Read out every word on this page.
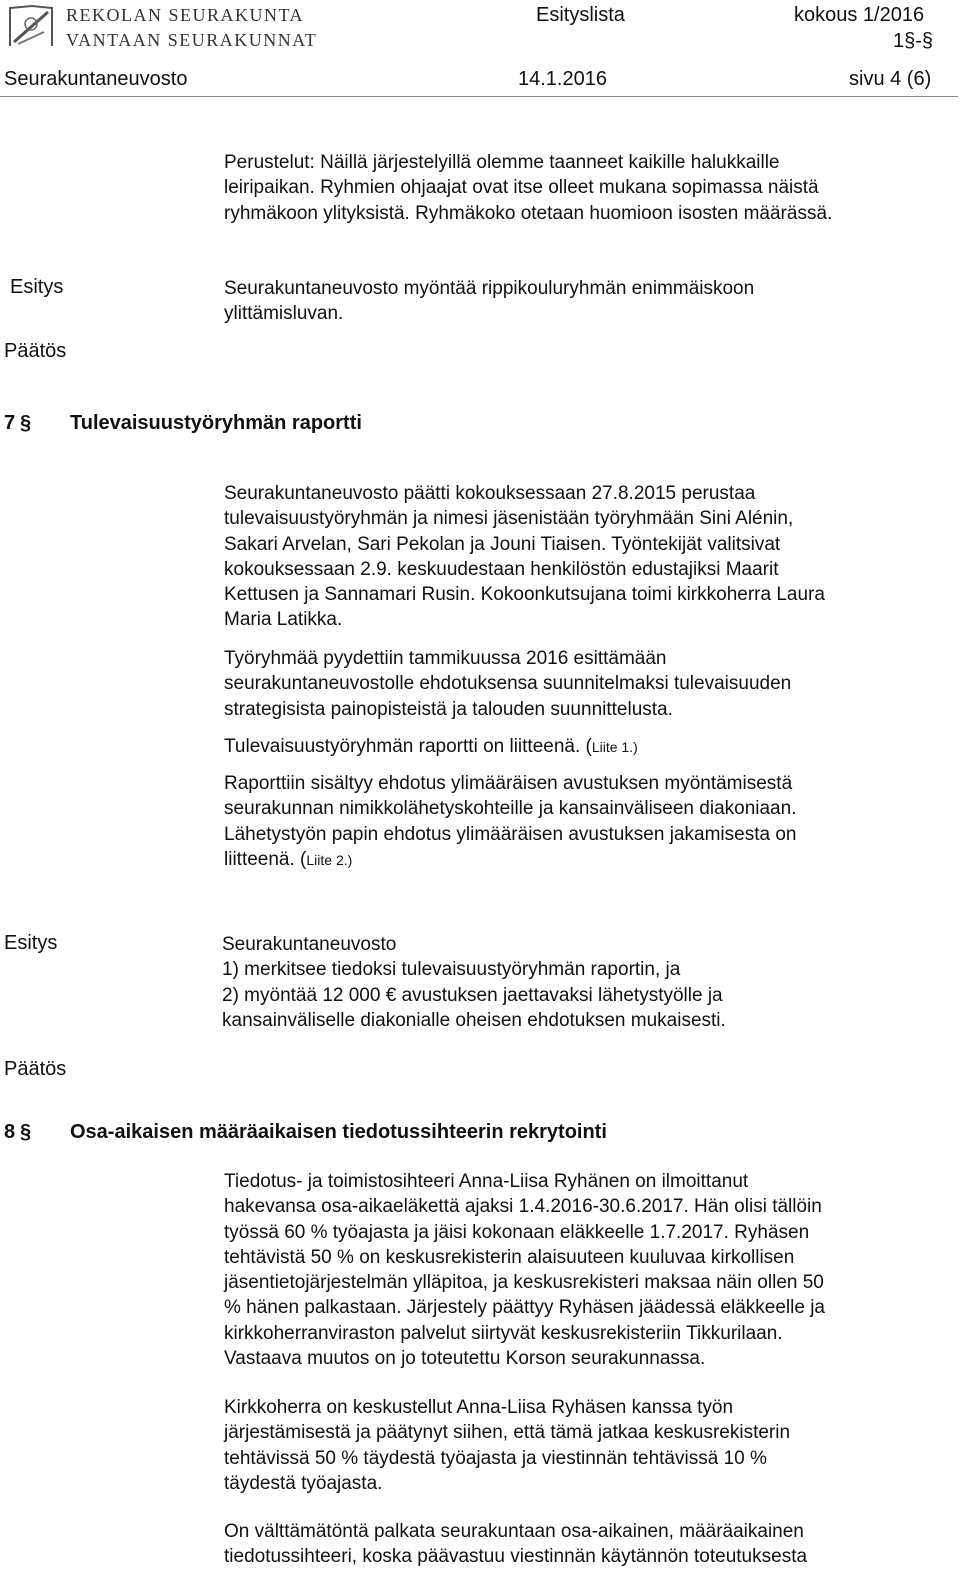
REKOLAN SEURAKUNTA
VANTAAN SEURAKUNNAT
Esityslista	kokous 1/2016
1§-§
Seurakuntaneuvosto	14.1.2016	sivu 4 (6)

Perustelut: Näillä järjestelyillä olemme taanneet kaikille halukkaille

leiripaikan. Ryhmien ohjaajat ovat itse olleet mukana sopimassa näistä

ryhmäkoon ylityksistä. Ryhmäkoko otetaan huomioon isosten määrässä.

Esitys	Seurakuntaneuvosto myöntää rippikouluryhmän enimmäiskoon

ylittämisluvan.

Päätös
7 § Tulevaisuustyöryhmän raportti

Seurakuntaneuvosto päätti kokouksessaan 27.8.2015 perustaa

tulevaisuustyöryhmän ja nimesi jäsenistään työryhmään Sini Alénin,

Sakari Arvelan, Sari Pekolan ja Jouni Tiaisen. Työntekijät valitsivat

kokouksessaan 2.9. keskuudestaan henkilöstön edustajiksi Maarit

Kettusen ja Sannamari Rusin. Kokoonkutsujana toimi kirkkoherra Laura

Maria Latikka.

Työryhmää pyydettiin tammikuussa 2016 esittämään

seurakuntaneuvostolle ehdotuksensa suunnitelmaksi tulevaisuuden

strategisista painopisteistä ja talouden suunnittelusta.

Tulevaisuustyöryhmän raportti on liitteenä. (Liite 1.)

Raporttiin sisältyy ehdotus ylimääräisen avustuksen myöntämisestä

seurakunnan nimikkolähetyskohteille ja kansainväliseen diakoniaan.

Lähetystyön papin ehdotus ylimääräisen avustuksen jakamisesta on

liitteenä. (Liite 2.)

Esitys	Seurakuntaneuvosto

1) merkitsee tiedoksi tulevaisuustyöryhmän raportin, ja

2) myöntää 12 000 € avustuksen jaettavaksi lähetystyölle ja

kansainväliselle diakonialle oheisen ehdotuksen mukaisesti.

Päätös
8 § Osa-aikaisen määräaikaisen tiedotussihteerin rekrytointi

Tiedotus- ja toimistosihteeri Anna-Liisa Ryhänen on ilmoittanut

hakevansa osa-aikaeläkettä ajaksi 1.4.2016-30.6.2017. Hän olisi tällöin

työssä 60 % työajasta ja jäisi kokonaan eläkkeelle 1.7.2017. Ryhäsen

tehtävistä 50 % on keskusrekisterin alaisuuteen kuuluvaa kirkollisen

jäsentietojärjestelmän ylläpitoa, ja keskusrekisteri maksaa näin ollen 50

% hänen palkastaan. Järjestely päättyy Ryhäsen jäädessä eläkkeelle ja

kirkkoherranviraston palvelut siirtyvät keskusrekisteriin Tikkurilaan.

Vastaava muutos on jo toteutettu Korson seurakunnassa.

Kirkkoherra on keskustellut Anna-Liisa Ryhäsen kanssa työn

järjestämisestä ja päätynyt siihen, että tämä jatkaa keskusrekisterin

tehtävissä 50 % täydestä työajasta ja viestinnän tehtävissä 10 %

täydestä työajasta.

On välttämätöntä palkata seurakuntaan osa-aikainen, määräaikainen

tiedotussihteeri, koska päävastuu viestinnän käytännön toteutuksesta
